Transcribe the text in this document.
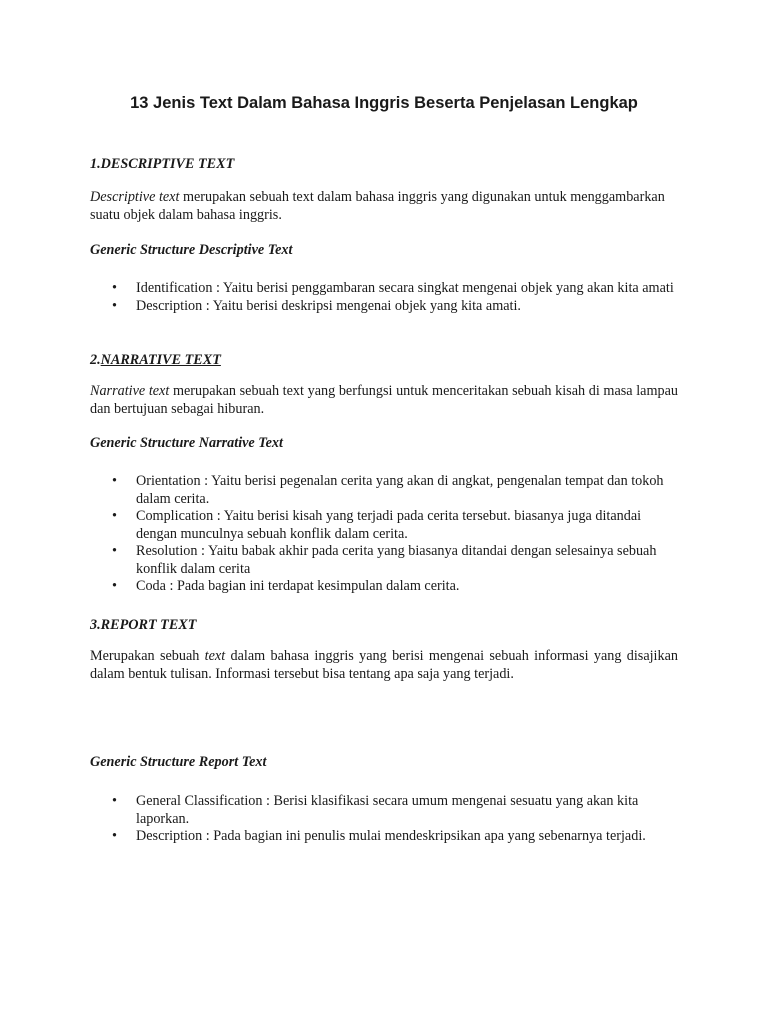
13 Jenis Text Dalam Bahasa Inggris Beserta Penjelasan Lengkap
1.DESCRIPTIVE TEXT

Descriptive text merupakan sebuah text dalam bahasa inggris yang digunakan untuk menggambarkan suatu objek dalam bahasa inggris.

Generic Structure Descriptive Text

• Identification : Yaitu berisi penggambaran secara singkat mengenai objek yang akan kita amati
• Description : Yaitu berisi deskripsi mengenai objek yang kita amati.
2.NARRATIVE TEXT

Narrative text merupakan sebuah text yang berfungsi untuk menceritakan sebuah kisah di masa lampau dan bertujuan sebagai hiburan.

Generic Structure Narrative Text

• Orientation : Yaitu berisi pegenalan cerita yang akan di angkat, pengenalan tempat dan tokoh dalam cerita.
• Complication : Yaitu berisi kisah yang terjadi pada cerita tersebut. biasanya juga ditandai dengan munculnya sebuah konflik dalam cerita.
• Resolution : Yaitu babak akhir pada cerita yang biasanya ditandai dengan selesainya sebuah konflik dalam cerita
• Coda : Pada bagian ini terdapat kesimpulan dalam cerita.
3.REPORT TEXT

Merupakan sebuah text dalam bahasa inggris yang berisi mengenai sebuah informasi yang disajikan dalam bentuk tulisan. Informasi tersebut bisa tentang apa saja yang terjadi.

Generic Structure Report Text

• General Classification : Berisi klasifikasi secara umum mengenai sesuatu yang akan kita laporkan.
• Description : Pada bagian ini penulis mulai mendeskripsikan apa yang sebenarnya terjadi.
